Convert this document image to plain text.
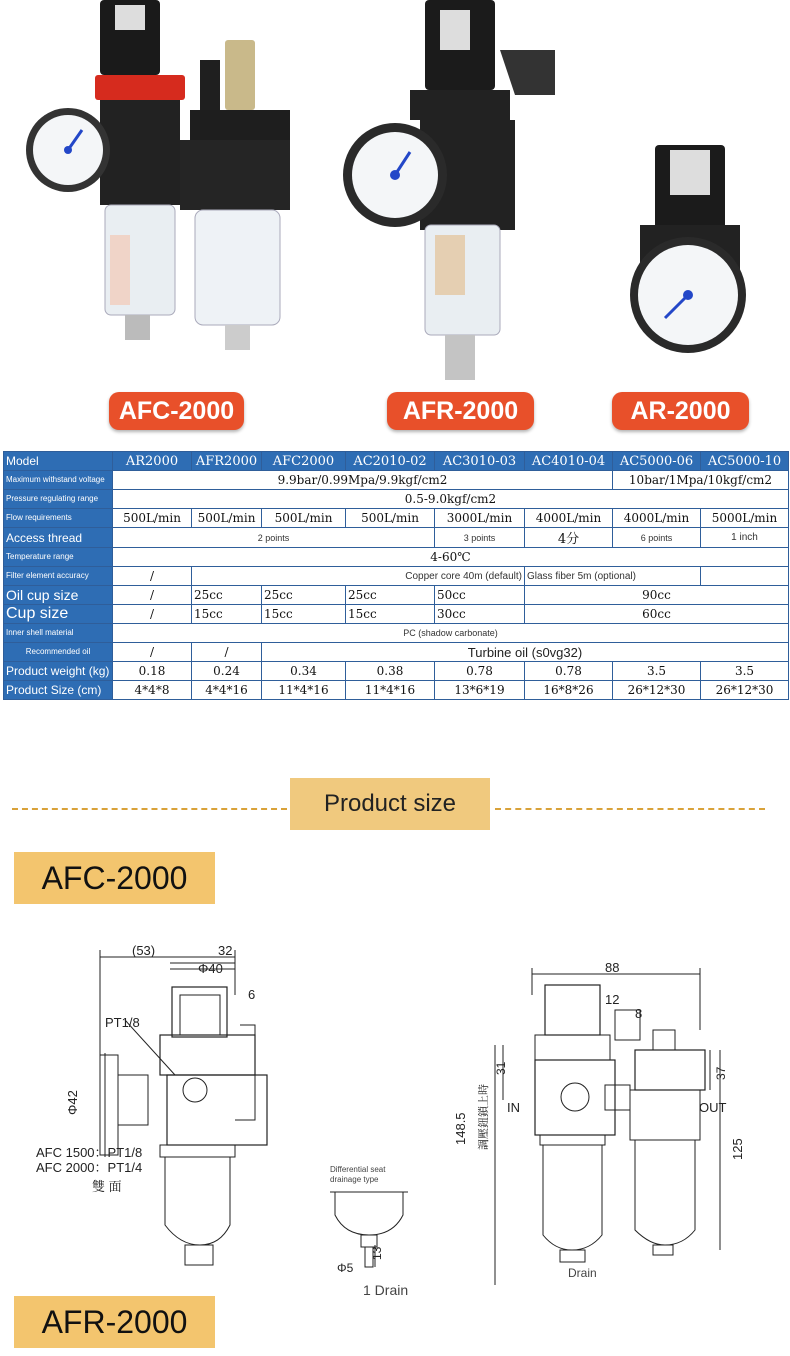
AFC-2000	AFR-2000	AR-2000
Model	AR2000	AFR2000	AFC2000	AC2010-02	AC3010-03	AC4010-04	AC5000-06	AC5000-10
Maximum withstand voltage	9.9bar/0.99Mpa/9.9kgf/cm2						10bar/1Mpa/10kgf/cm2	
Pressure regulating range	0.5-9.0kgf/cm2							
Flow requirements	500L/min	500L/min	500L/min	500L/min	3000L/min	4000L/min	4000L/min	5000L/min
Access thread	2 points				3 points	4分	6 points	1 inch
Temperature range	4-60℃							
Filter element accuracy	/	Copper core 40m (default)				Glass fiber 5m (optional)		
Oil cup size	/	25cc	25cc	25cc	50cc	90cc		
Cup size	/	15cc	15cc	15cc	30cc	60cc		
Inner shell material	PC (shadow carbonate)							
Recommended oil	/	/	Turbine oil (s0vg32)					
Product weight (kg)	0.18	0.24	0.34	0.38	0.78	0.78	3.5	3.5
Product Size (cm)	4*4*8	4*4*16	11*4*16	11*4*16	13*6*19	16*8*26	26*12*30	26*12*30
Product size
AFC-2000
AFR-2000
(53)	32
Φ40
6
PT1/8
Φ42
AFC 1500：PT1/8
AFC 2000：PT1/4
雙 面
Differential seat
drainage type
13
Φ5
1 Drain
88
12
8
31	37
148.5 調壓鈕鎖上時	125
IN	OUT
Drain
